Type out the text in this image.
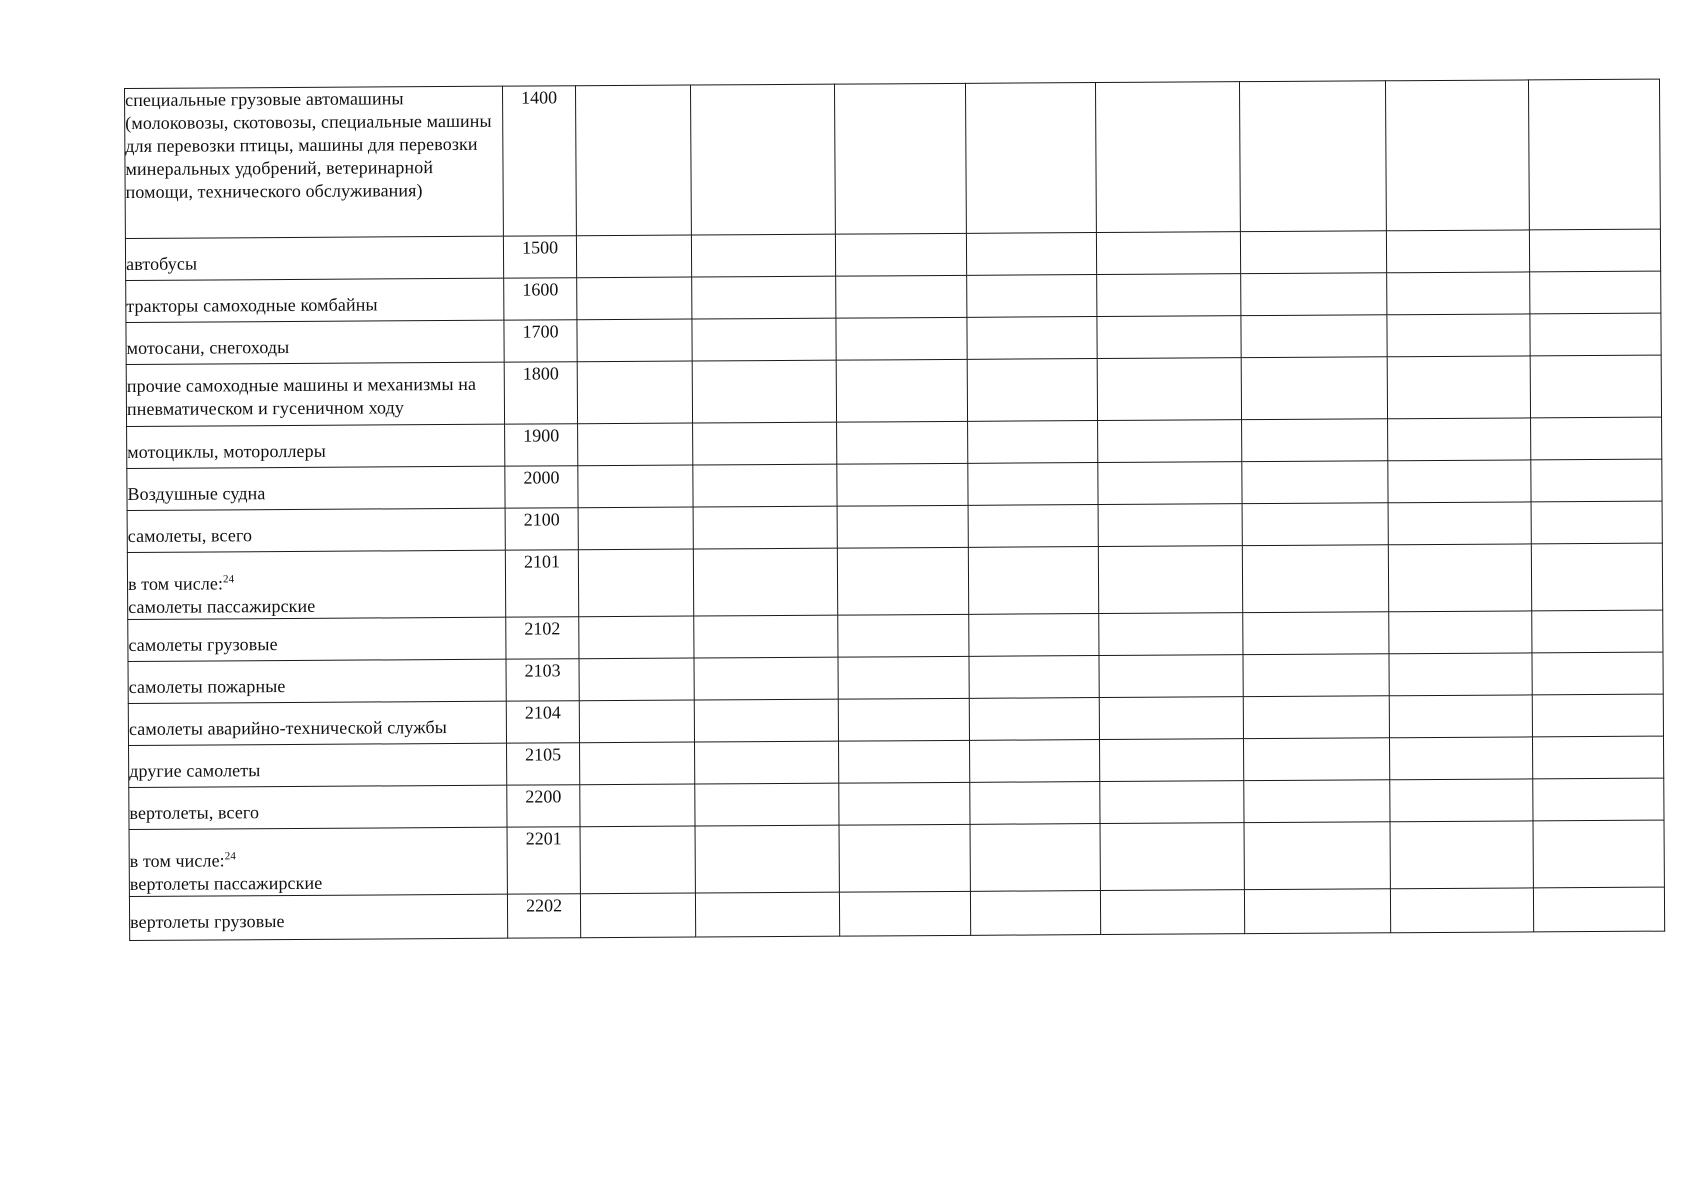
специальные грузовые автомашины (молоковозы, скотовозы, специальные машины для перевозки птицы, машины для перевозки минеральных удобрений, ветеринарной помощи, технического обслуживания)	1400								

автобусы	1500								

тракторы самоходные комбайны	1600								

мотосани, снегоходы	1700								

прочие самоходные машины и механизмы на пневматическом и гусеничном ходу	1800								

мотоциклы, мотороллеры	1900								

Воздушные судна	2000								

самолеты, всего	2100								

в том числе:$^{24}$
самолеты пассажирские	2101								

самолеты грузовые	2102								

самолеты пожарные	2103								

самолеты аварийно-технической службы	2104								

другие самолеты	2105								

вертолеты, всего	2200								

в том числе:$^{24}$
вертолеты пассажирские	2201								

вертолеты грузовые	2202								
